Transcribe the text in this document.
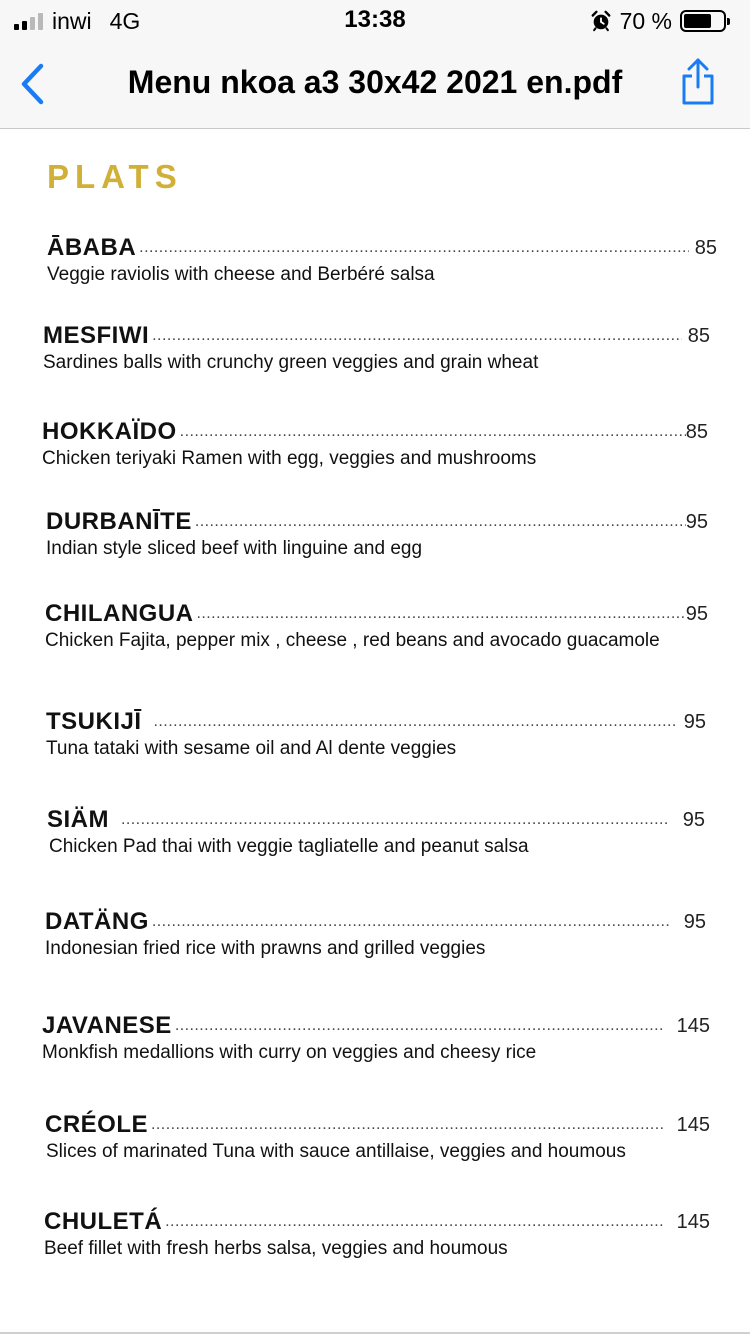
inwi 4G	13:38	70 %
Menu nkoa a3 30x42 2021 en.pdf
PLATS
ĀBABA . . .	85
Veggie raviolis with cheese and Berbéré salsa
MESFIWI . . .	85
Sardines balls with crunchy green veggies and grain wheat
HOKKAÏDO . . .	85
Chicken teriyaki Ramen with egg, veggies and mushrooms
DURBANĪTE . . .	95
Indian style sliced beef with linguine and egg
CHILANGUA . . .	95
Chicken Fajita, pepper mix , cheese , red beans and avocado guacamole
TSUKIJĪ . . .	95
Tuna tataki with sesame oil and Al dente veggies
SIÄM . . .	95
Chicken Pad thai with veggie tagliatelle and peanut salsa
DATÄNG . . .	95
Indonesian fried rice with prawns and grilled veggies
JAVANESE . . .	145
Monkfish medallions with curry on veggies and cheesy rice
CRÉOLE . . .	145
Slices of marinated Tuna with sauce antillaise, veggies and houmous
CHULETÁ . . .	145
Beef fillet with fresh herbs salsa, veggies and houmous
